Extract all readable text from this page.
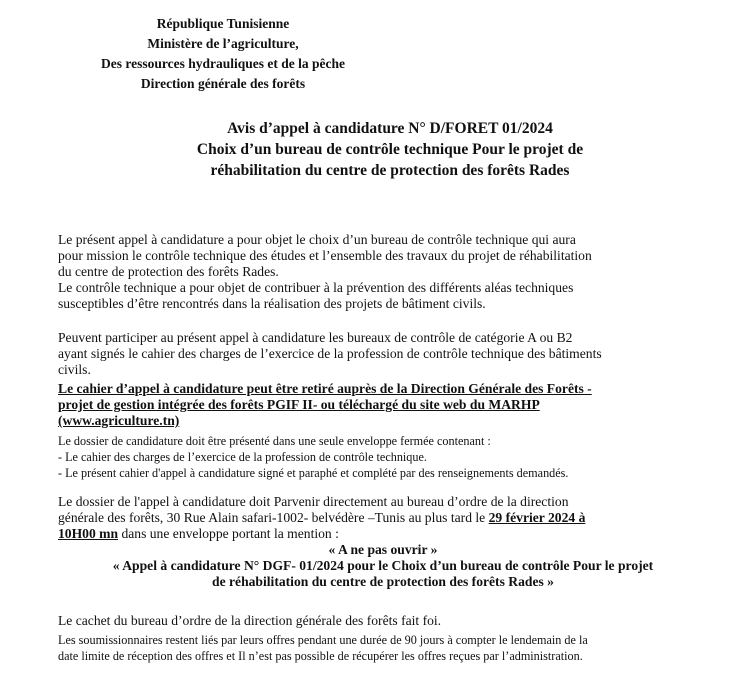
République Tunisienne
Ministère de l’agriculture,
Des ressources hydrauliques et de la pêche
Direction générale des forêts
Avis d’appel à candidature N° D/FORET 01/2024
Choix d’un bureau de contrôle technique Pour le projet de
réhabilitation du centre de protection des forêts Rades
Le présent appel à candidature a pour objet le choix d’un bureau de contrôle technique qui aura
pour mission le contrôle technique des études et l’ensemble des travaux du projet de réhabilitation
du centre de protection des forêts Rades.
Le contrôle technique a pour objet de contribuer à la prévention des différents aléas techniques
susceptibles d’être rencontrés dans la réalisation des projets de bâtiment civils.
Peuvent participer au présent appel à candidature les bureaux de contrôle de catégorie A ou B2
ayant signés le cahier des charges de l’exercice de la profession de contrôle technique des bâtiments
civils.
Le cahier d’appel à candidature peut être retiré auprès de la Direction Générale des Forêts -
projet de gestion intégrée des forêts PGIF II- ou téléchargé du site web du MARHP
(www.agriculture.tn)
Le dossier de candidature doit être présenté dans une seule enveloppe fermée contenant :
- Le cahier des charges de l’exercice de la profession de contrôle technique.
- Le présent cahier d'appel à candidature signé et paraphé et complété par des renseignements demandés.
Le dossier de l'appel à candidature doit Parvenir directement au bureau d’ordre de la direction
générale des forêts, 30 Rue Alain safari-1002- belvédère –Tunis au plus tard le 29 février 2024 à
10H00 mn dans une enveloppe portant la mention :
« A ne pas ouvrir »
« Appel à candidature N° DGF- 01/2024 pour le Choix d’un bureau de contrôle Pour le projet
de réhabilitation du centre de protection des forêts Rades »
Le cachet du bureau d’ordre de la direction générale des forêts fait foi.
Les soumissionnaires restent liés par leurs offres pendant une durée de 90 jours à compter le lendemain de la
date limite de réception des offres et Il n’est pas possible de récupérer les offres reçues par l’administration.
